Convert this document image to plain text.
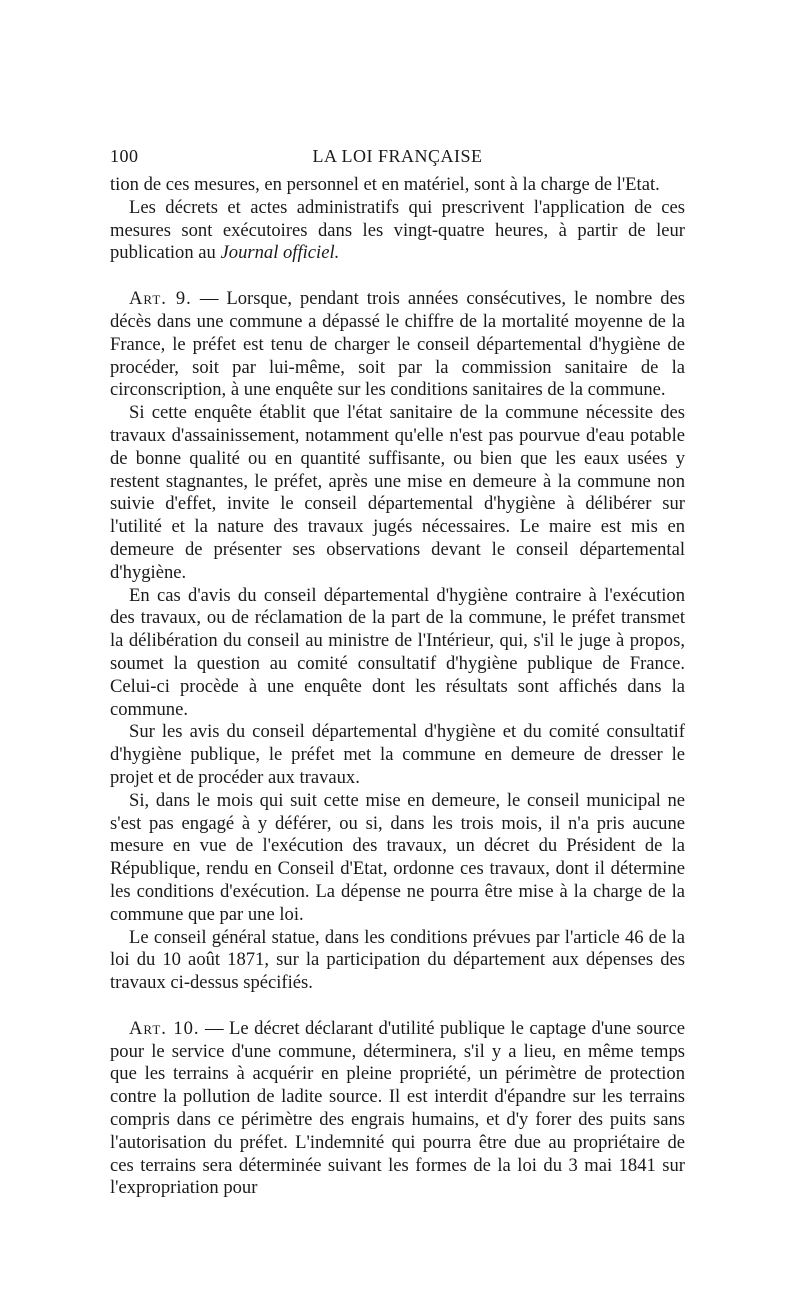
100	LA LOI FRANÇAISE

tion de ces mesures, en personnel et en matériel, sont à la charge de l'Etat.

Les décrets et actes administratifs qui prescrivent l'application de ces mesures sont exécutoires dans les vingt-quatre heures, à partir de leur publication au Journal officiel.

Art. 9. — Lorsque, pendant trois années consécutives, le nombre des décès dans une commune a dépassé le chiffre de la mortalité moyenne de la France, le préfet est tenu de charger le conseil départemental d'hygiène de procéder, soit par lui-même, soit par la commission sanitaire de la circonscription, à une enquête sur les conditions sanitaires de la commune.

Si cette enquête établit que l'état sanitaire de la commune nécessite des travaux d'assainissement, notamment qu'elle n'est pas pourvue d'eau potable de bonne qualité ou en quantité suffisante, ou bien que les eaux usées y restent stagnantes, le préfet, après une mise en demeure à la commune non suivie d'effet, invite le conseil départemental d'hygiène à délibérer sur l'utilité et la nature des travaux jugés nécessaires. Le maire est mis en demeure de présenter ses observations devant le conseil départemental d'hygiène.

En cas d'avis du conseil départemental d'hygiène contraire à l'exécution des travaux, ou de réclamation de la part de la commune, le préfet transmet la délibération du conseil au ministre de l'Intérieur, qui, s'il le juge à propos, soumet la question au comité consultatif d'hygiène publique de France. Celui-ci procède à une enquête dont les résultats sont affichés dans la commune.

Sur les avis du conseil départemental d'hygiène et du comité consultatif d'hygiène publique, le préfet met la commune en demeure de dresser le projet et de procéder aux travaux.

Si, dans le mois qui suit cette mise en demeure, le conseil municipal ne s'est pas engagé à y déférer, ou si, dans les trois mois, il n'a pris aucune mesure en vue de l'exécution des travaux, un décret du Président de la République, rendu en Conseil d'Etat, ordonne ces travaux, dont il détermine les conditions d'exécution. La dépense ne pourra être mise à la charge de la commune que par une loi.

Le conseil général statue, dans les conditions prévues par l'article 46 de la loi du 10 août 1871, sur la participation du département aux dépenses des travaux ci-dessus spécifiés.

Art. 10. — Le décret déclarant d'utilité publique le captage d'une source pour le service d'une commune, déterminera, s'il y a lieu, en même temps que les terrains à acquérir en pleine propriété, un périmètre de protection contre la pollution de ladite source. Il est interdit d'épandre sur les terrains compris dans ce périmètre des engrais humains, et d'y forer des puits sans l'autorisation du préfet. L'indemnité qui pourra être due au propriétaire de ces terrains sera déterminée suivant les formes de la loi du 3 mai 1841 sur l'expropriation pour
